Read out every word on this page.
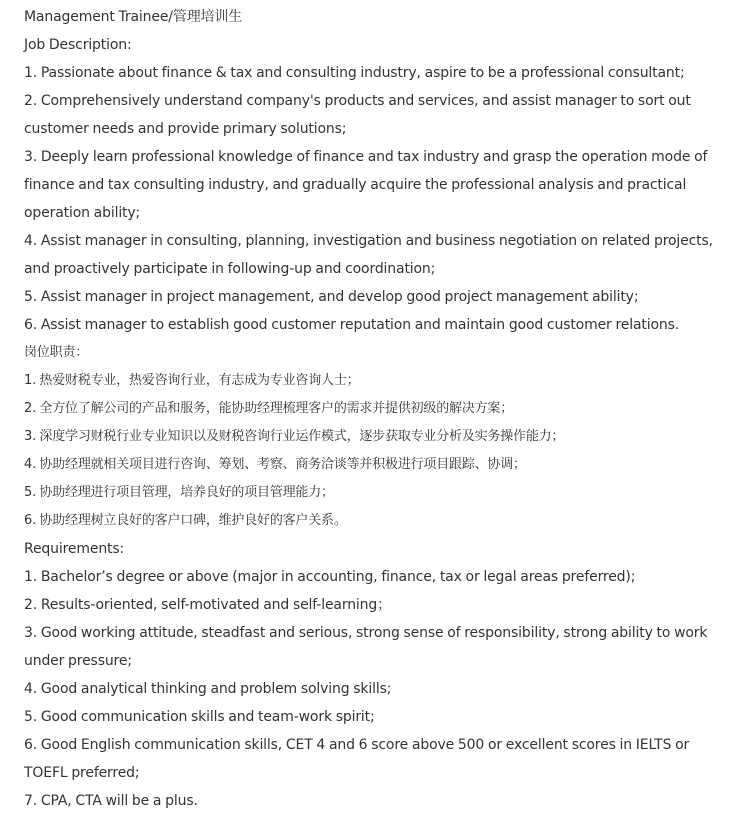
Management Trainee/管理培训生

Job Description:

1. Passionate about finance & tax and consulting industry, aspire to be a professional consultant;

2. Comprehensively understand company's products and services, and assist manager to sort out customer needs and provide primary solutions;

3. Deeply learn professional knowledge of finance and tax industry and grasp the operation mode of finance and tax consulting industry, and gradually acquire the professional analysis and practical operation ability;

4. Assist manager in consulting, planning, investigation and business negotiation on related projects, and proactively participate in following-up and coordination;

5. Assist manager in project management, and develop good project management ability;

6. Assist manager to establish good customer reputation and maintain good customer relations.

岗位职责：

1. 热爱财税专业，热爱咨询行业，有志成为专业咨询人士；

2. 全方位了解公司的产品和服务，能协助经理梳理客户的需求并提供初级的解决方案；

3. 深度学习财税行业专业知识以及财税咨询行业运作模式，逐步获取专业分析及实务操作能力；

4. 协助经理就相关项目进行咨询、筹划、考察、商务洽谈等并积极进行项目跟踪、协调；

5. 协助经理进行项目管理，培养良好的项目管理能力；

6. 协助经理树立良好的客户口碑，维护良好的客户关系。

Requirements:

1. Bachelor’s degree or above (major in accounting, finance, tax or legal areas preferred);

2. Results-oriented, self-motivated and self-learning；

3. Good working attitude, steadfast and serious, strong sense of responsibility, strong ability to work under pressure;

4. Good analytical thinking and problem solving skills;

5. Good communication skills and team-work spirit;

6. Good English communication skills, CET 4 and 6 score above 500 or excellent scores in IELTS or TOEFL preferred;

7. CPA, CTA will be a plus.
